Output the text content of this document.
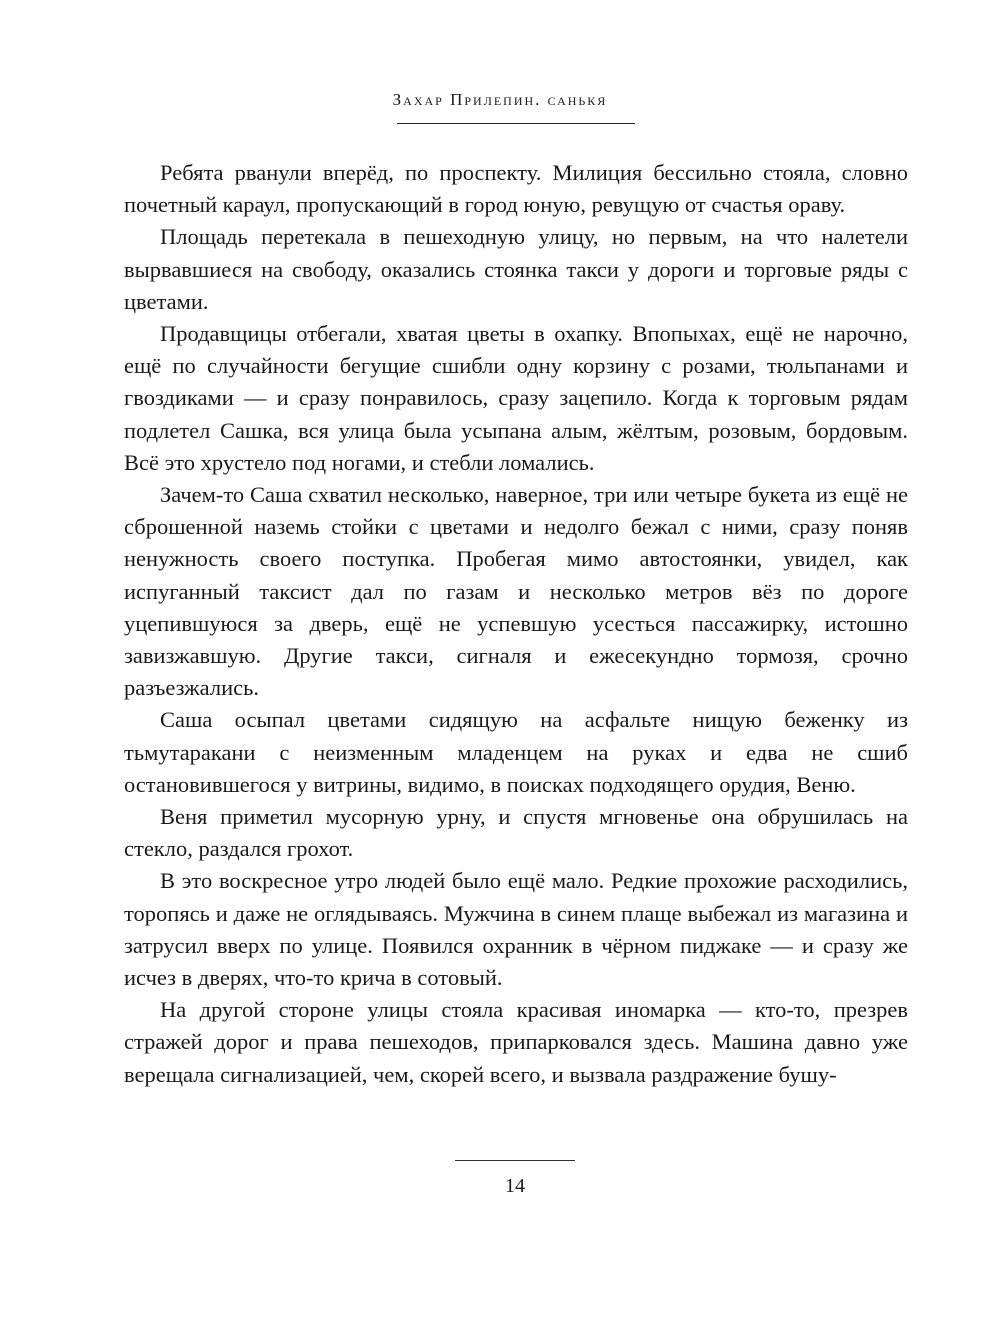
Захар Прилепин. санькя

Ребята рванули вперёд, по проспекту. Милиция бессильно стояла, словно почетный караул, пропускающий в город юную, ревущую от счастья ораву.

Площадь перетекала в пешеходную улицу, но первым, на что налетели вырвавшиеся на свободу, оказались стоянка такси у дороги и торговые ряды с цветами.

Продавщицы отбегали, хватая цветы в охапку. Впопыхах, ещё не нарочно, ещё по случайности бегущие сшибли одну корзину с розами, тюльпанами и гвоздиками — и сразу понравилось, сразу зацепило. Когда к торговым рядам подлетел Сашка, вся улица была усыпана алым, жёлтым, розовым, бордовым. Всё это хрустело под ногами, и стебли ломались.

Зачем-то Саша схватил несколько, наверное, три или четыре букета из ещё не сброшенной наземь стойки с цветами и недолго бежал с ними, сразу поняв ненужность своего поступка. Пробегая мимо автостоянки, увидел, как испуганный таксист дал по газам и несколько метров вёз по дороге уцепившуюся за дверь, ещё не успевшую усесться пассажирку, истошно завизжавшую. Другие такси, сигналя и ежесекундно тормозя, срочно разъезжались.

Саша осыпал цветами сидящую на асфальте нищую беженку из тьмутаракани с неизменным младенцем на руках и едва не сшиб остановившегося у витрины, видимо, в поисках подходящего орудия, Веню.

Веня приметил мусорную урну, и спустя мгновенье она обрушилась на стекло, раздался грохот.

В это воскресное утро людей было ещё мало. Редкие прохожие расходились, торопясь и даже не оглядываясь. Мужчина в синем плаще выбежал из магазина и затрусил вверх по улице. Появился охранник в чёрном пиджаке — и сразу же исчез в дверях, что-то крича в сотовый.

На другой стороне улицы стояла красивая иномарка — кто-то, презрев стражей дорог и права пешеходов, припарковался здесь. Машина давно уже верещала сигнализацией, чем, скорей всего, и вызвала раздражение бушу-

14
